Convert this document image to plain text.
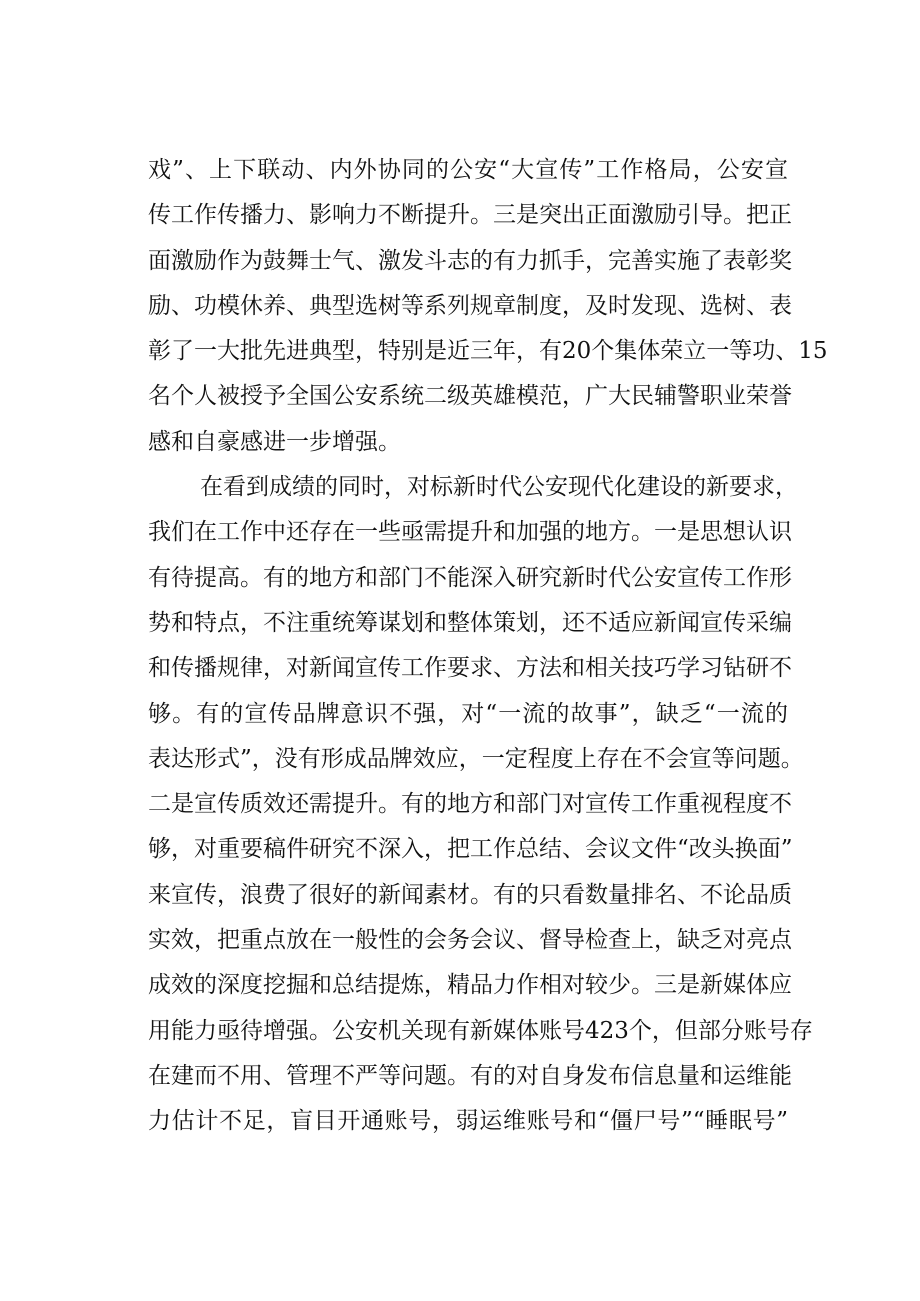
戏”、上下联动、内外协同的公安“大宣传”工作格局，公安宣
传工作传播力、影响力不断提升。三是突出正面激励引导。把正
面激励作为鼓舞士气、激发斗志的有力抓手，完善实施了表彰奖
励、功模休养、典型选树等系列规章制度，及时发现、选树、表
彰了一大批先进典型，特别是近三年，有20个集体荣立一等功、15
名个人被授予全国公安系统二级英雄模范，广大民辅警职业荣誉
感和自豪感进一步增强。
在看到成绩的同时，对标新时代公安现代化建设的新要求，
我们在工作中还存在一些亟需提升和加强的地方。一是思想认识
有待提高。有的地方和部门不能深入研究新时代公安宣传工作形
势和特点，不注重统筹谋划和整体策划，还不适应新闻宣传采编
和传播规律，对新闻宣传工作要求、方法和相关技巧学习钻研不
够。有的宣传品牌意识不强，对“一流的故事”，缺乏“一流的
表达形式”，没有形成品牌效应，一定程度上存在不会宣等问题。
二是宣传质效还需提升。有的地方和部门对宣传工作重视程度不
够，对重要稿件研究不深入，把工作总结、会议文件“改头换面”
来宣传，浪费了很好的新闻素材。有的只看数量排名、不论品质
实效，把重点放在一般性的会务会议、督导检查上，缺乏对亮点
成效的深度挖掘和总结提炼，精品力作相对较少。三是新媒体应
用能力亟待增强。公安机关现有新媒体账号423个，但部分账号存
在建而不用、管理不严等问题。有的对自身发布信息量和运维能
力估计不足，盲目开通账号，弱运维账号和“僵尸号”“睡眠号”
